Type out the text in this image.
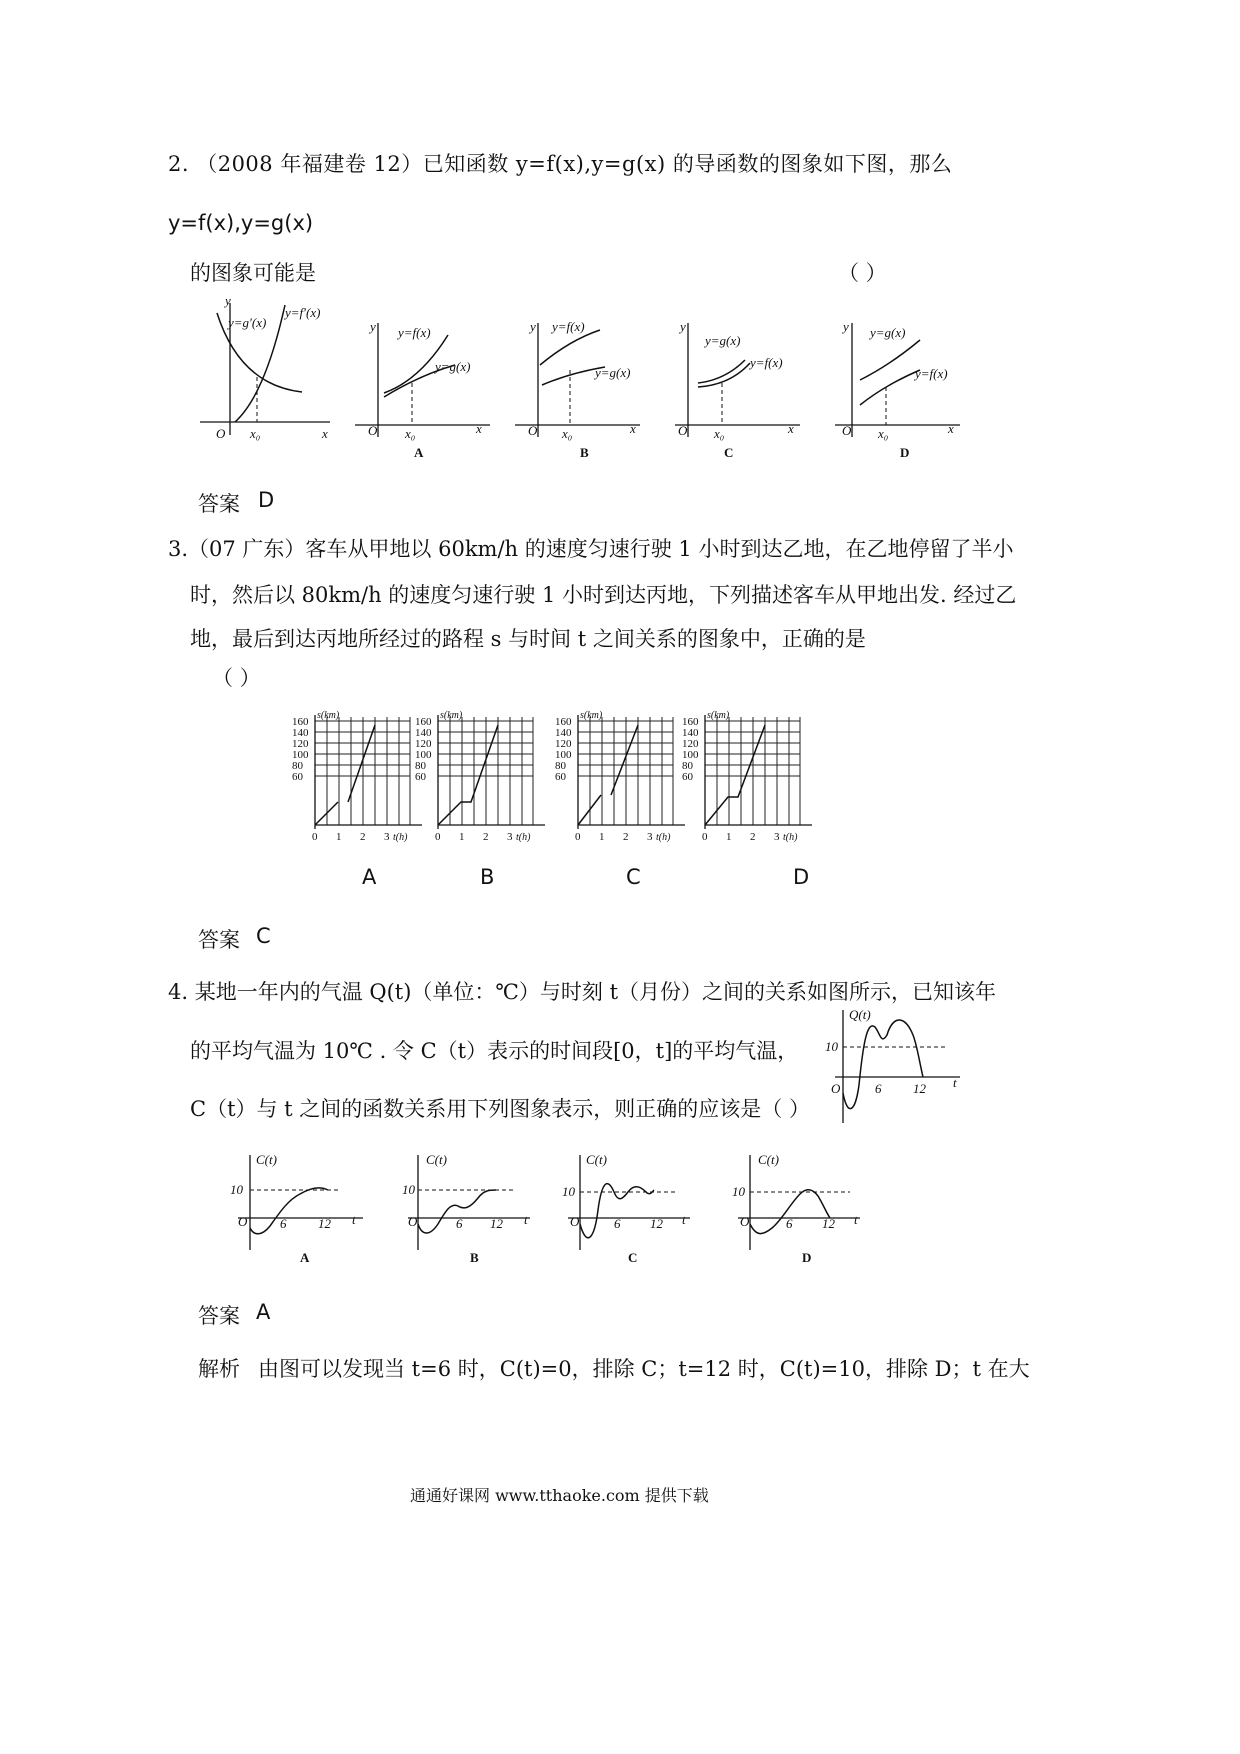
2. （2008 年福建卷 12）已知函数 y=f(x),y=g(x) 的导函数的图象如下图，那么
y=f(x),y=g(x)
的图象可能是	（ ）
y
y=g′(x)
y=f′(x)
O x₀	x
y y=f(x)
y=g(x)
O x₀	x
A
y y=f(x)
y=g(x)
O x₀	x
B
y
y=g(x)
y=f(x)
O x₀	x
C
y y=g(x)
y=f(x)
O x₀	x
D
答案 D
3.（07 广东）客车从甲地以 60km/h 的速度匀速行驶 1 小时到达乙地，在乙地停留了半小
时，然后以 80km/h 的速度匀速行驶 1 小时到达丙地，下列描述客车从甲地出发. 经过乙
地，最后到达丙地所经过的路程 s 与时间 t 之间关系的图象中，正确的是
（ ）
160
140
120
100
80
60
0 1 2 3
s(km)
t(h)
160
140
120
100
80
60
0 1 2 3
s(km)
t(h)
160
140
120
100
80
60
0 1 2 3
s(km)
t(h)
160
140
120
100
80
60
0 1 2 3
s(km)
t(h)
A	B	C	D
答案 C
4. 某地一年内的气温 Q(t)（单位：℃）与时刻 t（月份）之间的关系如图所示，已知该年
的平均气温为 10℃ . 令 C（t）表示的时间段[0，t]的平均气温，
C（t）与 t 之间的函数关系用下列图象表示，则正确的应该是（ ）
Q(t)
10
O	6 12 t
C(t)
10
O	6 12 t
A
C(t)
10
O	6 12 t
B
C(t)
10
O	6 12 t
C
C(t)
10
O	6 12 t
D
答案 A
解析 由图可以发现当 t=6 时，C(t)=0，排除 C；t=12 时，C(t)=10，排除 D；t 在大
通通好课网 www.tthaoke.com 提供下载
